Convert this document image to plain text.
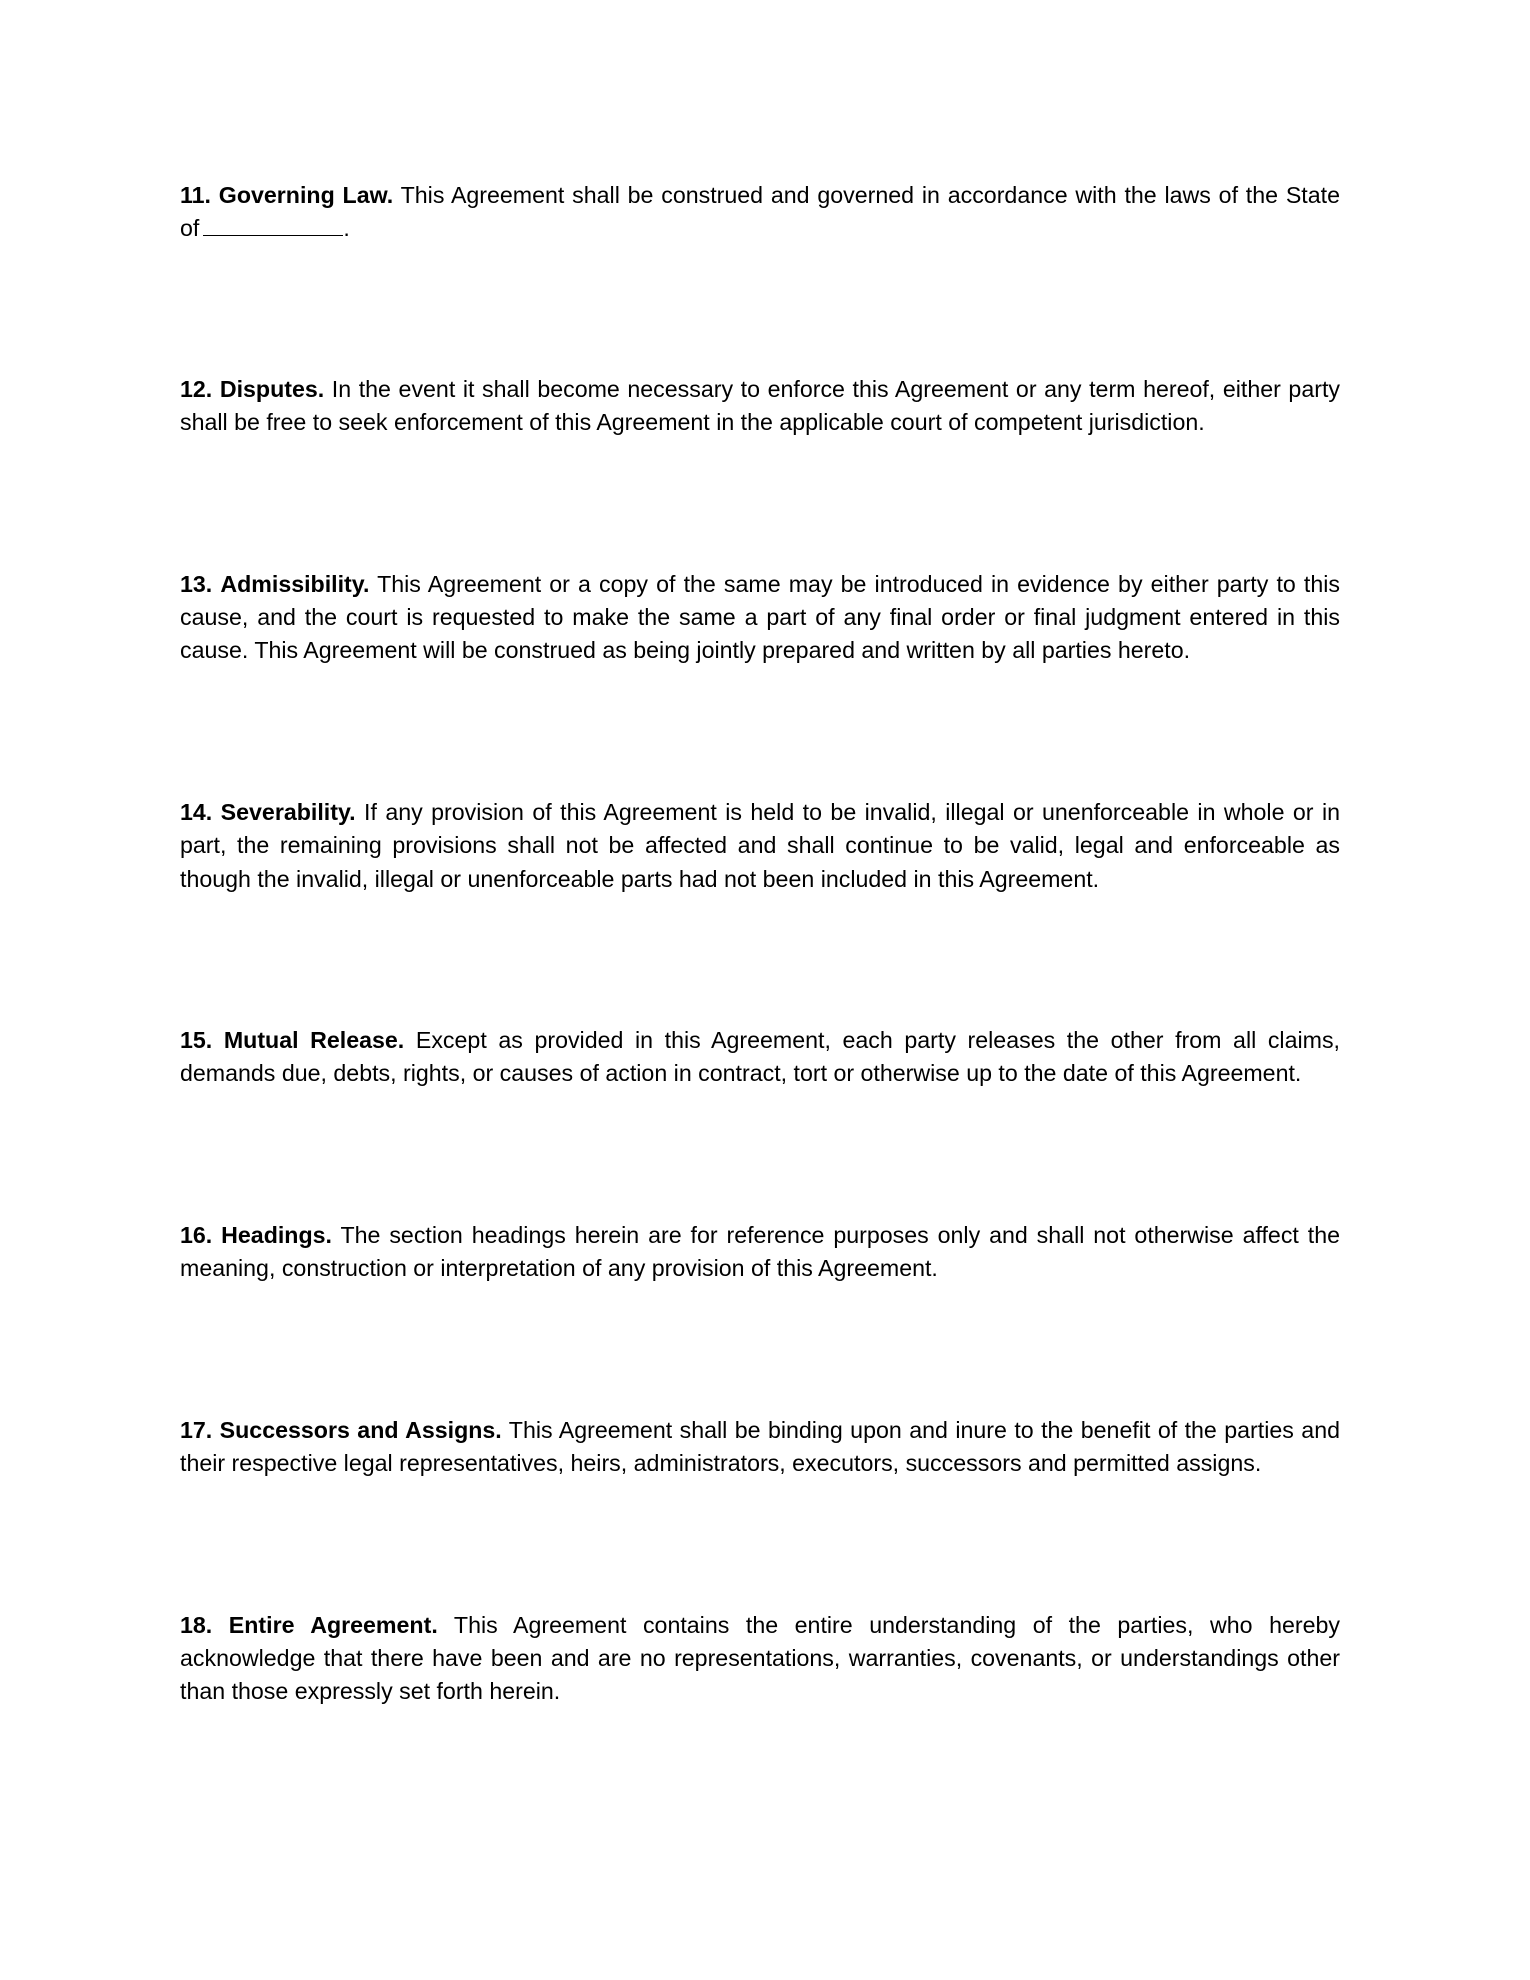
11. Governing Law. This Agreement shall be construed and governed in accordance with the laws of the State of	.

12. Disputes. In the event it shall become necessary to enforce this Agreement or any term hereof, either party shall be free to seek enforcement of this Agreement in the applicable court of competent jurisdiction.

13. Admissibility. This Agreement or a copy of the same may be introduced in evidence by either party to this cause, and the court is requested to make the same a part of any final order or final judgment entered in this cause. This Agreement will be construed as being jointly prepared and written by all parties hereto.

14. Severability. If any provision of this Agreement is held to be invalid, illegal or unenforceable in whole or in part, the remaining provisions shall not be affected and shall continue to be valid, legal and enforceable as though the invalid, illegal or unenforceable parts had not been included in this Agreement.

15. Mutual Release. Except as provided in this Agreement, each party releases the other from all claims, demands due, debts, rights, or causes of action in contract, tort or otherwise up to the date of this Agreement.

16. Headings. The section headings herein are for reference purposes only and shall not otherwise affect the meaning, construction or interpretation of any provision of this Agreement.

17. Successors and Assigns. This Agreement shall be binding upon and inure to the benefit of the parties and their respective legal representatives, heirs, administrators, executors, successors and permitted assigns.

18. Entire Agreement. This Agreement contains the entire understanding of the parties, who hereby acknowledge that there have been and are no representations, warranties, covenants, or understandings other than those expressly set forth herein.
